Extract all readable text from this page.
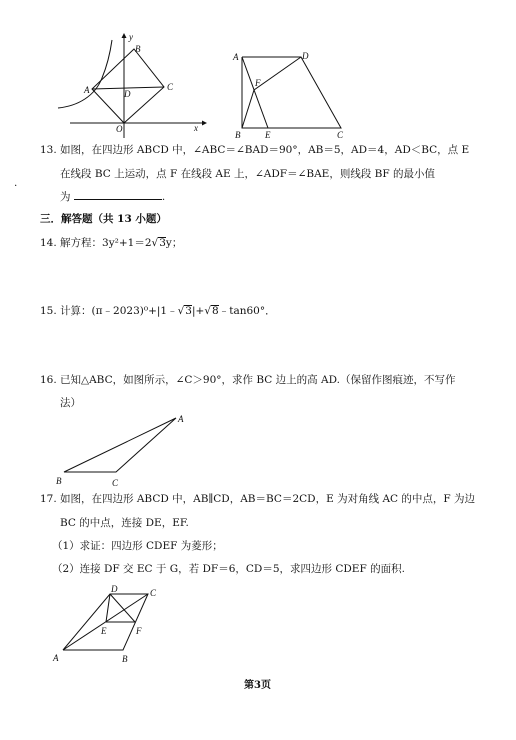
y
B
A	D
C
O	x
A	D
F
B	E	C
13. 如图，在四边形 ABCD 中，∠ABC＝∠BAD＝90°，AB＝5，AD＝4，AD＜BC，点 E
在线段 BC 上运动，点 F 在线段 AE 上，∠ADF＝∠BAE，则线段 BF 的最小值
为	.
.
三．解答题（共 13 小题）
14. 解方程：3y²+1＝2√3y；
15. 计算：(π﹣2023)⁰+|1﹣√3|+√8﹣tan60°．
16. 已知△ABC，如图所示，∠C＞90°，求作 BC 边上的高 AD.（保留作图痕迹，不写作
法）
A
B	C
17. 如图，在四边形 ABCD 中，AB∥CD，AB＝BC＝2CD，E 为对角线 AC 的中点，F 为边
BC 的中点，连接 DE，EF.
（1）求证：四边形 CDEF 为菱形；
（2）连接 DF 交 EC 于 G，若 DF＝6，CD＝5，求四边形 CDEF 的面积.
D	C
E	F
A	B
第3页
